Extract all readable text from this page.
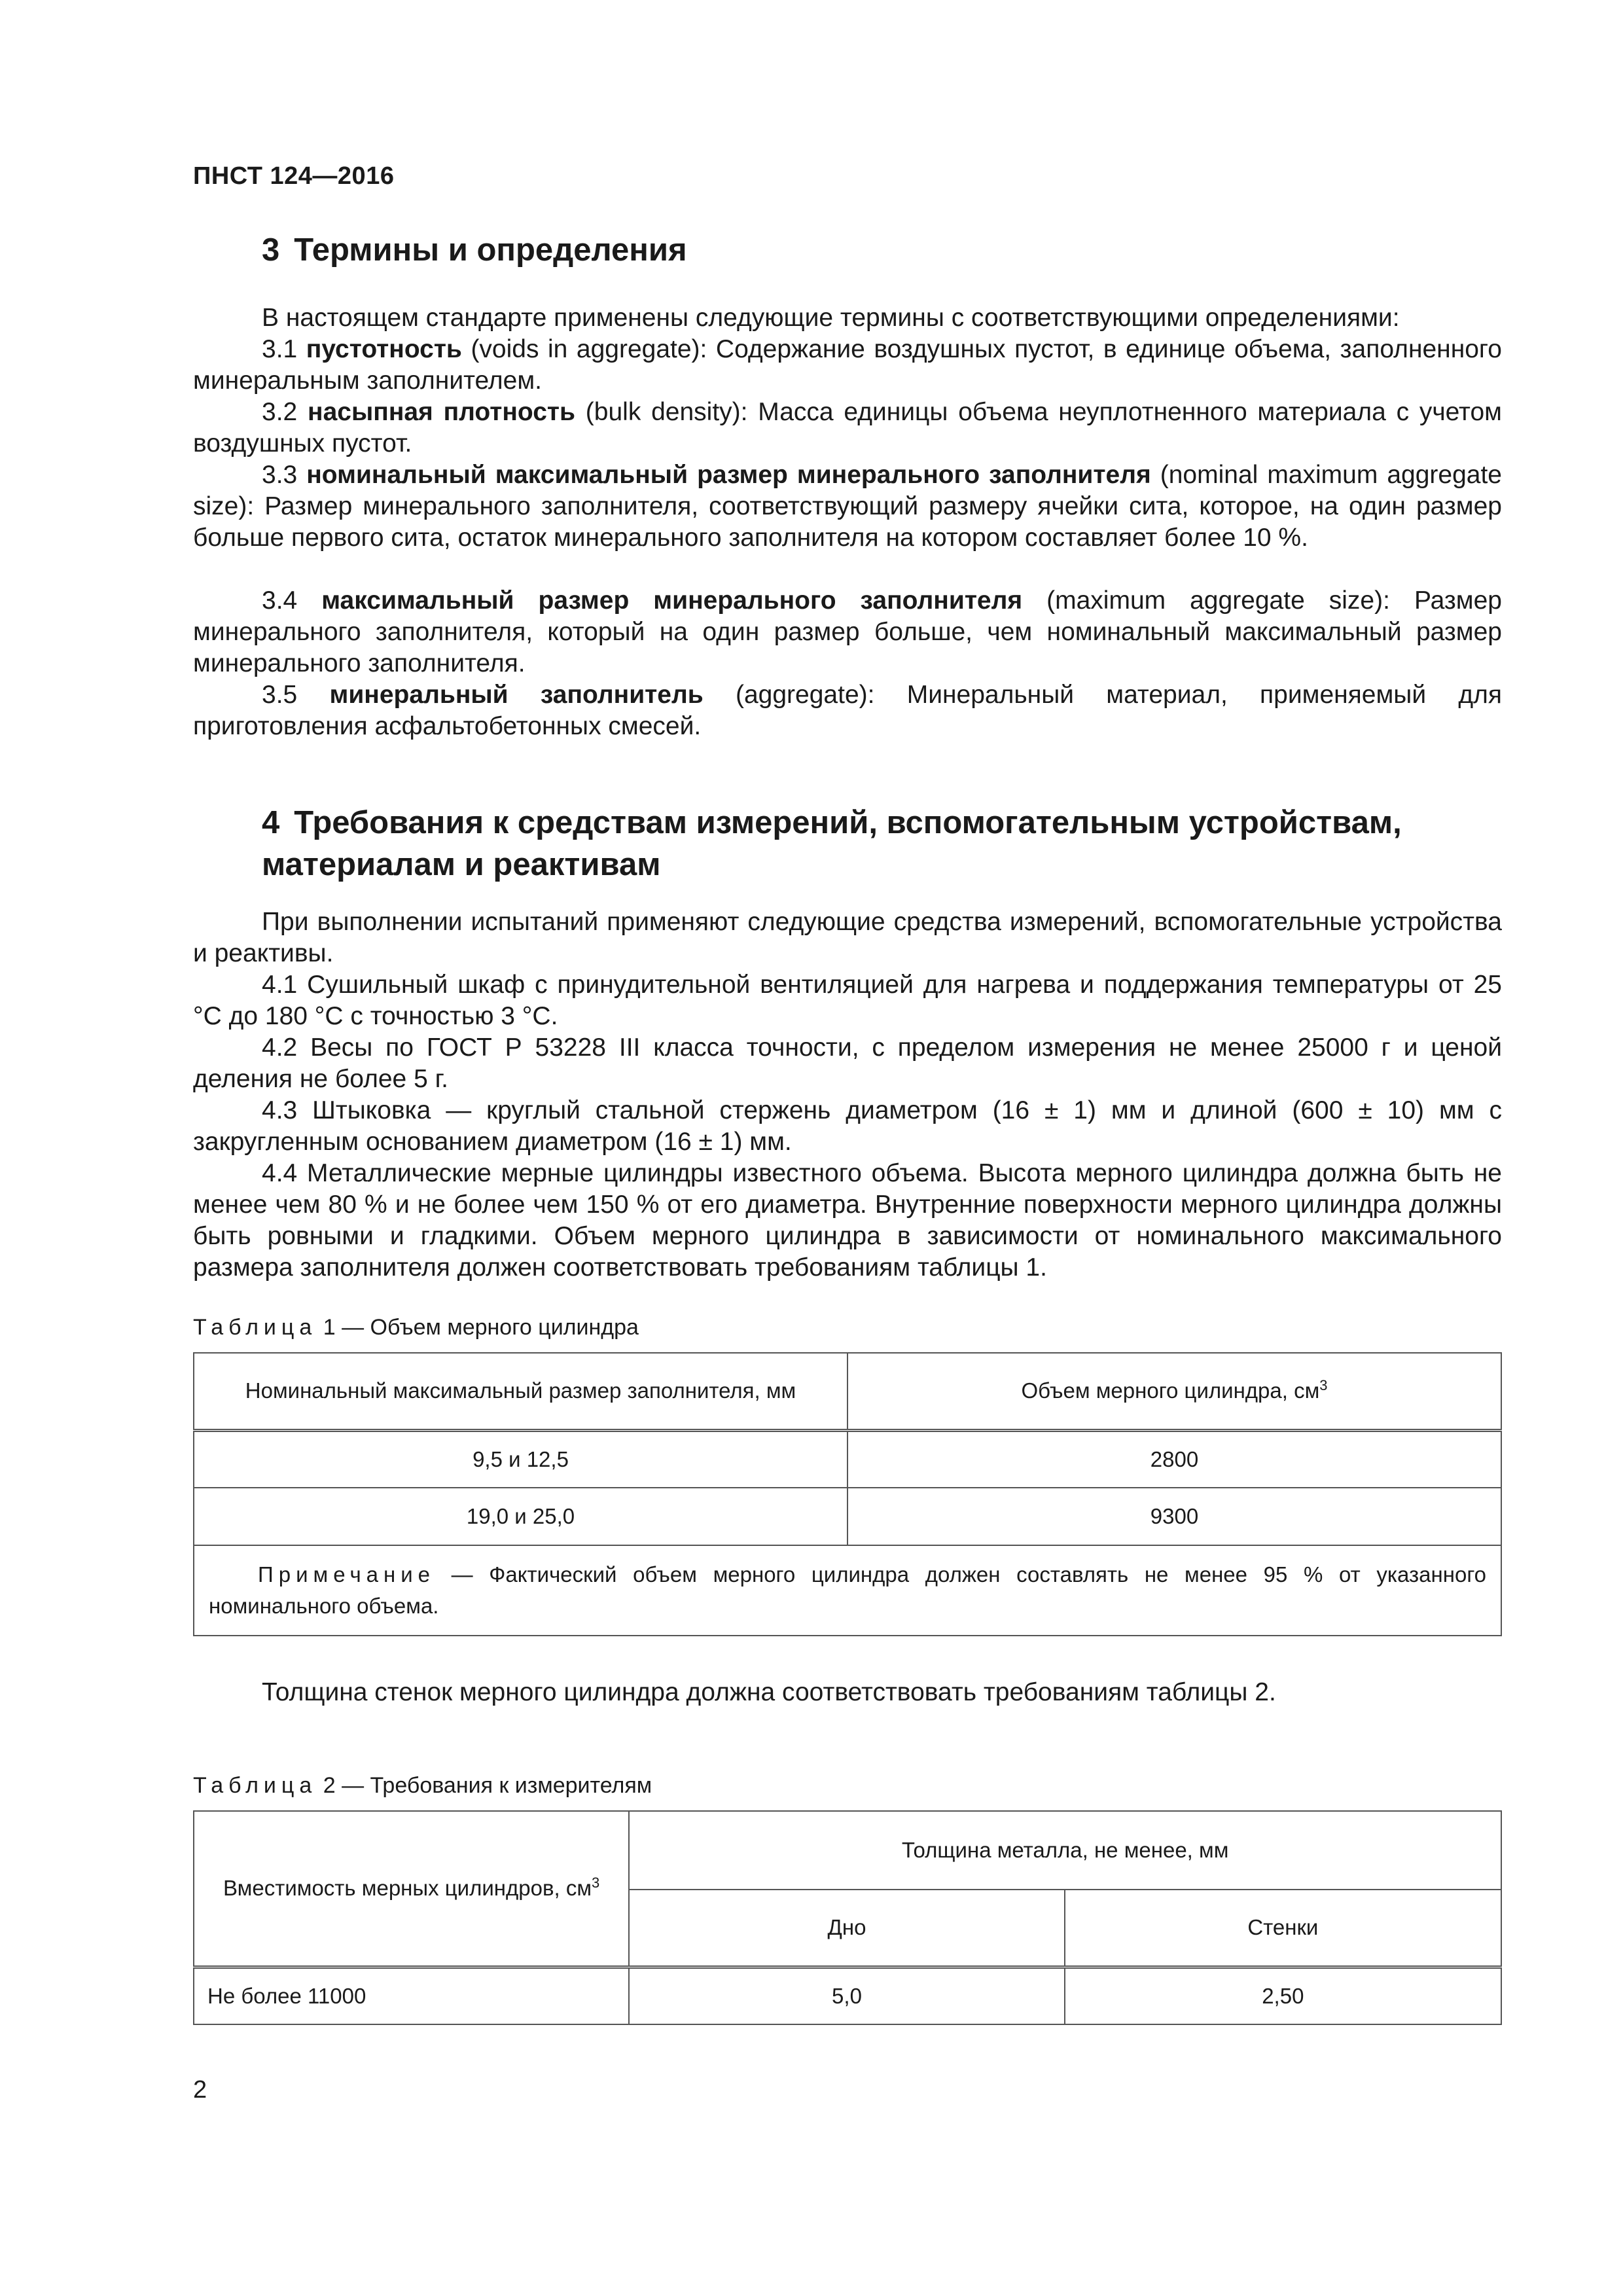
ПНСТ 124—2016
3 Термины и определения

В настоящем стандарте применены следующие термины с соответствующими определениями:

3.1 пустотность (voids in aggregate): Содержание воздушных пустот, в единице объема, заполненного минеральным заполнителем.

3.2 насыпная плотность (bulk density): Масса единицы объема неуплотненного материала с учетом воздушных пустот.

3.3 номинальный максимальный размер минерального заполнителя (nominal maximum aggregate size): Размер минерального заполнителя, соответствующий размеру ячейки сита, которое, на один размер больше первого сита, остаток минерального заполнителя на котором составляет более 10 %.

3.4 максимальный размер минерального заполнителя (maximum aggregate size): Размер минерального заполнителя, который на один размер больше, чем номинальный максимальный размер минерального заполнителя.

3.5 минеральный заполнитель (aggregate): Минеральный материал, применяемый для приготовления асфальтобетонных смесей.

4 Требования к средствам измерений, вспомогательным устройствам,
материалам и реактивам

При выполнении испытаний применяют следующие средства измерений, вспомогательные устройства и реактивы.

4.1 Сушильный шкаф с принудительной вентиляцией для нагрева и поддержания температуры от 25 °С до 180 °С с точностью 3 °С.

4.2 Весы по ГОСТ Р 53228 III класса точности, с пределом измерения не менее 25000 г и ценой деления не более 5 г.

4.3 Штыковка — круглый стальной стержень диаметром (16 ± 1) мм и длиной (600 ± 10) мм с закругленным основанием диаметром (16 ± 1) мм.

4.4 Металлические мерные цилиндры известного объема. Высота мерного цилиндра должна быть не менее чем 80 % и не более чем 150 % от его диаметра. Внутренние поверхности мерного цилиндра должны быть ровными и гладкими. Объем мерного цилиндра в зависимости от номинального максимального размера заполнителя должен соответствовать требованиям таблицы 1.

Таблица 1 — Объем мерного цилиндра
Номинальный максимальный размер заполнителя, мм	Объем мерного цилиндра, $см^3$
9,5 и 12,5	2800
19,0 и 25,0	9300
Примечание — Фактический объем мерного цилиндра должен составлять не менее 95 % от указанного номинального объема.	

Толщина стенок мерного цилиндра должна соответствовать требованиям таблицы 2.

Таблица 2 — Требования к измерителям
Вместимость мерных цилиндров, $см^3$	Толщина металла, не менее, мм	
	Дно	Стенки
Не более 11000	5,0	2,50
2
